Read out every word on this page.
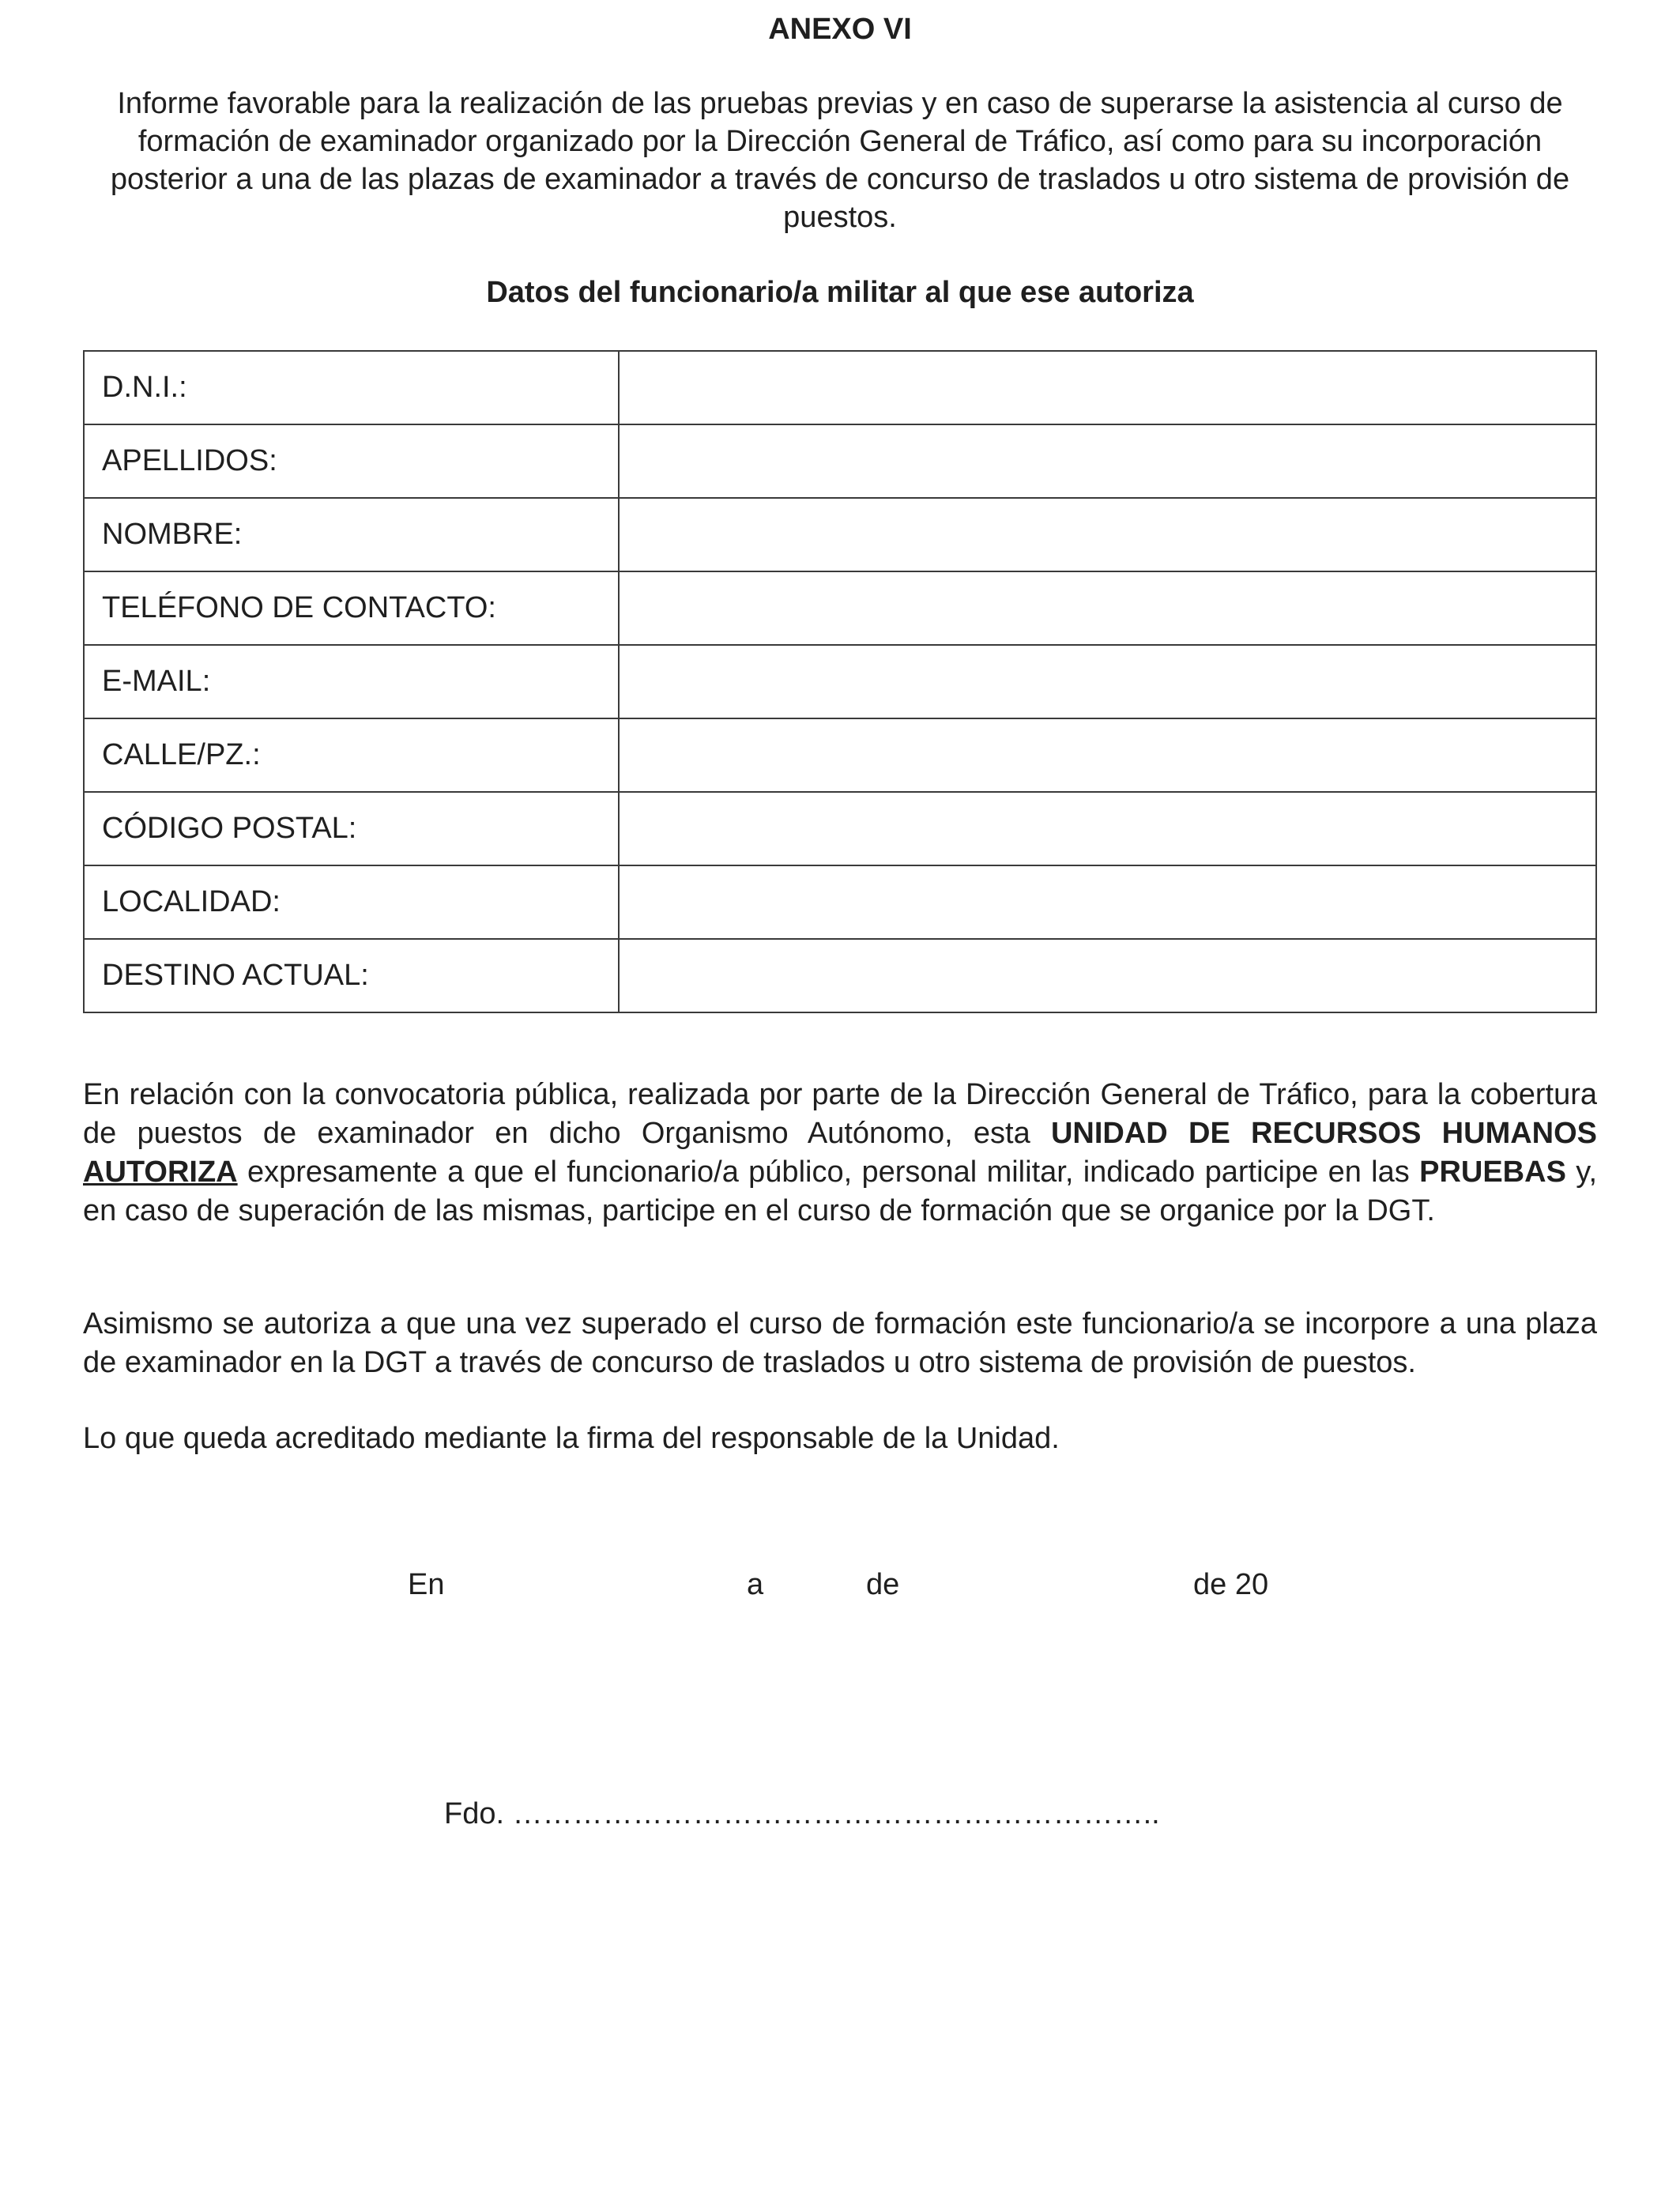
ANEXO VI
Informe favorable para la realización de las pruebas previas y en caso de superarse la asistencia al curso de formación de examinador organizado por la Dirección General de Tráfico, así como para su incorporación posterior a una de las plazas de examinador a través de concurso de traslados u otro sistema de provisión de puestos.
Datos del funcionario/a militar al que ese autoriza
D.N.I.:	
APELLIDOS:	
NOMBRE:	
TELÉFONO DE CONTACTO:	
E-MAIL:	
CALLE/PZ.:	
CÓDIGO POSTAL:	
LOCALIDAD:	
DESTINO ACTUAL:	
En relación con la convocatoria pública, realizada por parte de la Dirección General de Tráfico, para la cobertura de puestos de examinador en dicho Organismo Autónomo, esta UNIDAD DE RECURSOS HUMANOS AUTORIZA expresamente a que el funcionario/a público, personal militar, indicado participe en las PRUEBAS y, en caso de superación de las mismas, participe en el curso de formación que se organice por la DGT.
Asimismo se autoriza a que una vez superado el curso de formación este funcionario/a se incorpore a una plaza de examinador en la DGT a través de concurso de traslados u otro sistema de provisión de puestos.
Lo que queda acreditado mediante la firma del responsable de la Unidad.
En	a	de	de 20
Fdo. ………………………………………………………..
